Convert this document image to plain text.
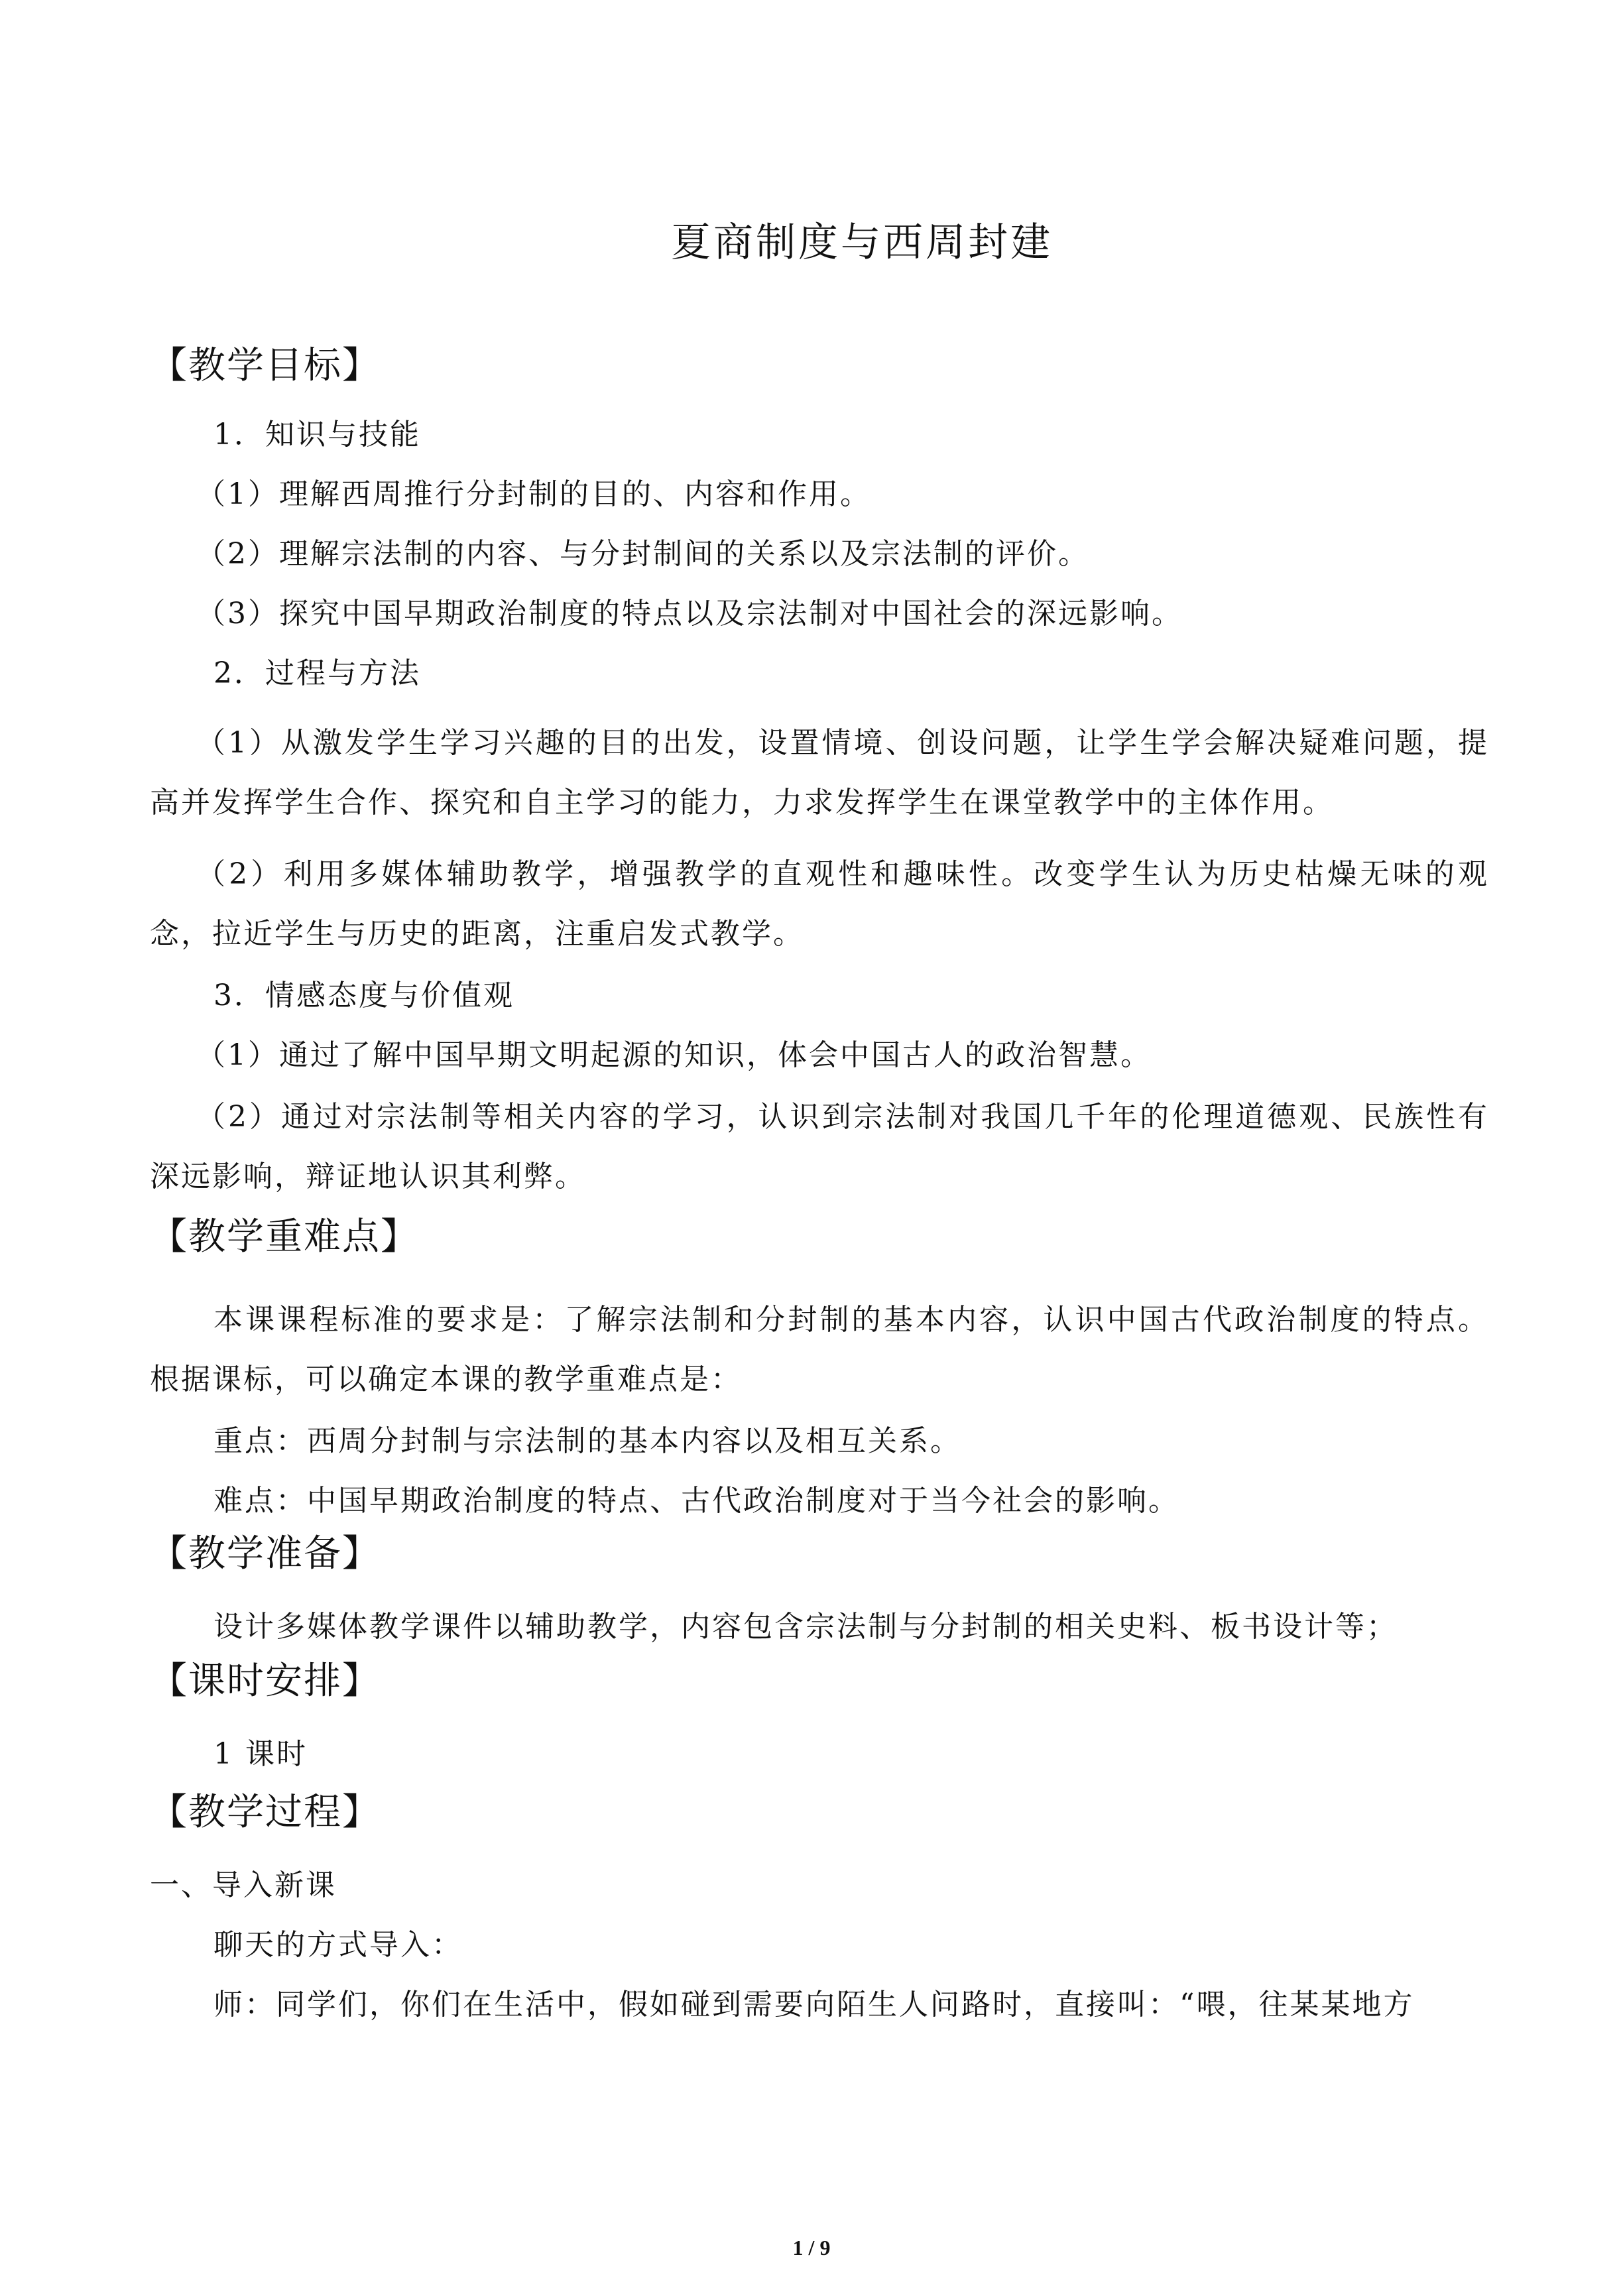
夏商制度与西周封建

【教学目标】

1．知识与技能

（1）理解西周推行分封制的目的、内容和作用。

（2）理解宗法制的内容、与分封制间的关系以及宗法制的评价。

（3）探究中国早期政治制度的特点以及宗法制对中国社会的深远影响。

2．过程与方法

（1）从激发学生学习兴趣的目的出发，设置情境、创设问题，让学生学会解决疑难问题，提高并发挥学生合作、探究和自主学习的能力，力求发挥学生在课堂教学中的主体作用。

（2）利用多媒体辅助教学，增强教学的直观性和趣味性。改变学生认为历史枯燥无味的观念，拉近学生与历史的距离，注重启发式教学。

3．情感态度与价值观

（1）通过了解中国早期文明起源的知识，体会中国古人的政治智慧。

（2）通过对宗法制等相关内容的学习，认识到宗法制对我国几千年的伦理道德观、民族性有深远影响，辩证地认识其利弊。

【教学重难点】

本课课程标准的要求是：了解宗法制和分封制的基本内容，认识中国古代政治制度的特点。根据课标，可以确定本课的教学重难点是：

重点：西周分封制与宗法制的基本内容以及相互关系。

难点：中国早期政治制度的特点、古代政治制度对于当今社会的影响。

【教学准备】

设计多媒体教学课件以辅助教学，内容包含宗法制与分封制的相关史料、板书设计等；

【课时安排】

1 课时

【教学过程】

一、导入新课

聊天的方式导入：

师：同学们，你们在生活中，假如碰到需要向陌生人问路时，直接叫：“喂，往某某地方

1 / 9
